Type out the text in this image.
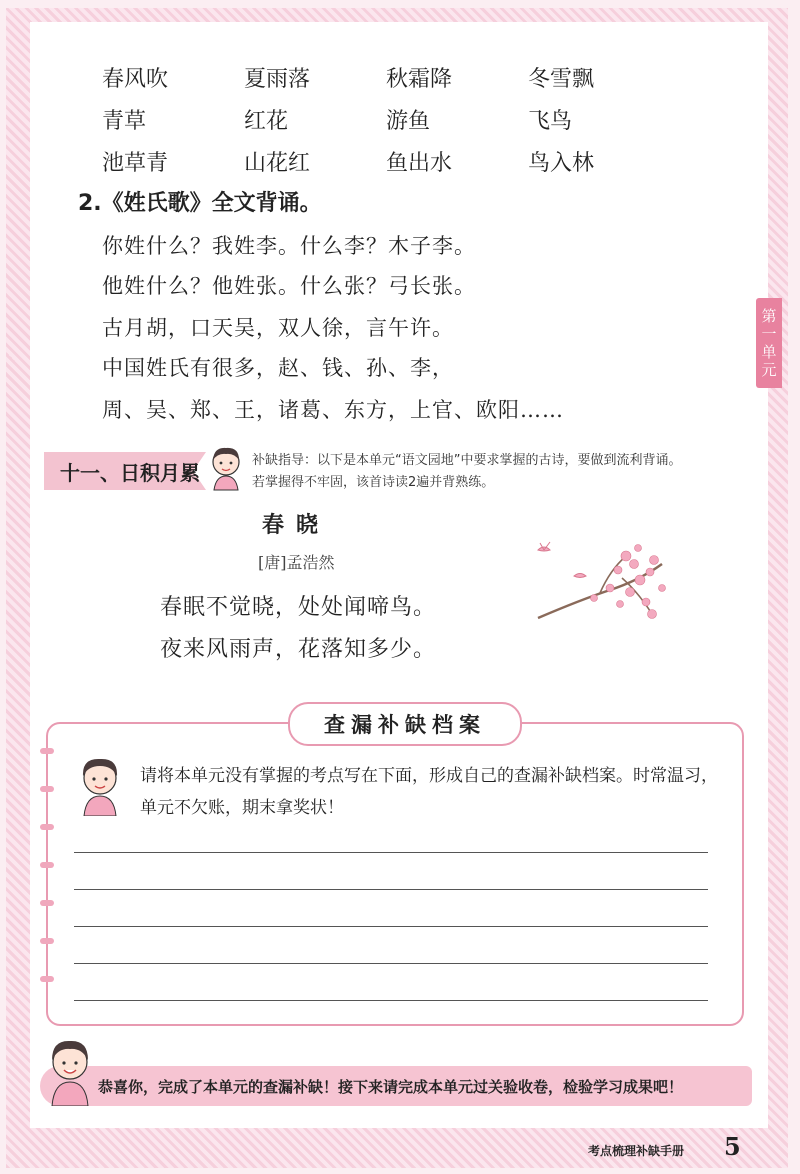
春风吹	夏雨落	秋霜降	冬雪飘
青草	红花	游鱼	飞鸟
池草青	山花红	鱼出水	鸟入林
2.《姓氏歌》全文背诵。
你姓什么？我姓李。什么李？木子李。
他姓什么？他姓张。什么张？弓长张。
古月胡，口天吴，双人徐，言午许。
中国姓氏有很多，赵、钱、孙、李，
周、吴、郑、王，诸葛、东方，上官、欧阳……
第
一
单
元
十一、日积月累
补缺指导：以下是本单元“语文园地”中要求掌握的古诗，要做到流利背诵。
若掌握得不牢固，该首诗读2遍并背熟练。
春晓
[唐]孟浩然
春眠不觉晓，处处闻啼鸟。
夜来风雨声，花落知多少。
查漏补缺档案
请将本单元没有掌握的考点写在下面，形成自己的查漏补缺档案。时常温习，单元不欠账，期末拿奖状！
恭喜你，完成了本单元的查漏补缺！接下来请完成本单元过关验收卷，检验学习成果吧！
考点梳理补缺手册 5
